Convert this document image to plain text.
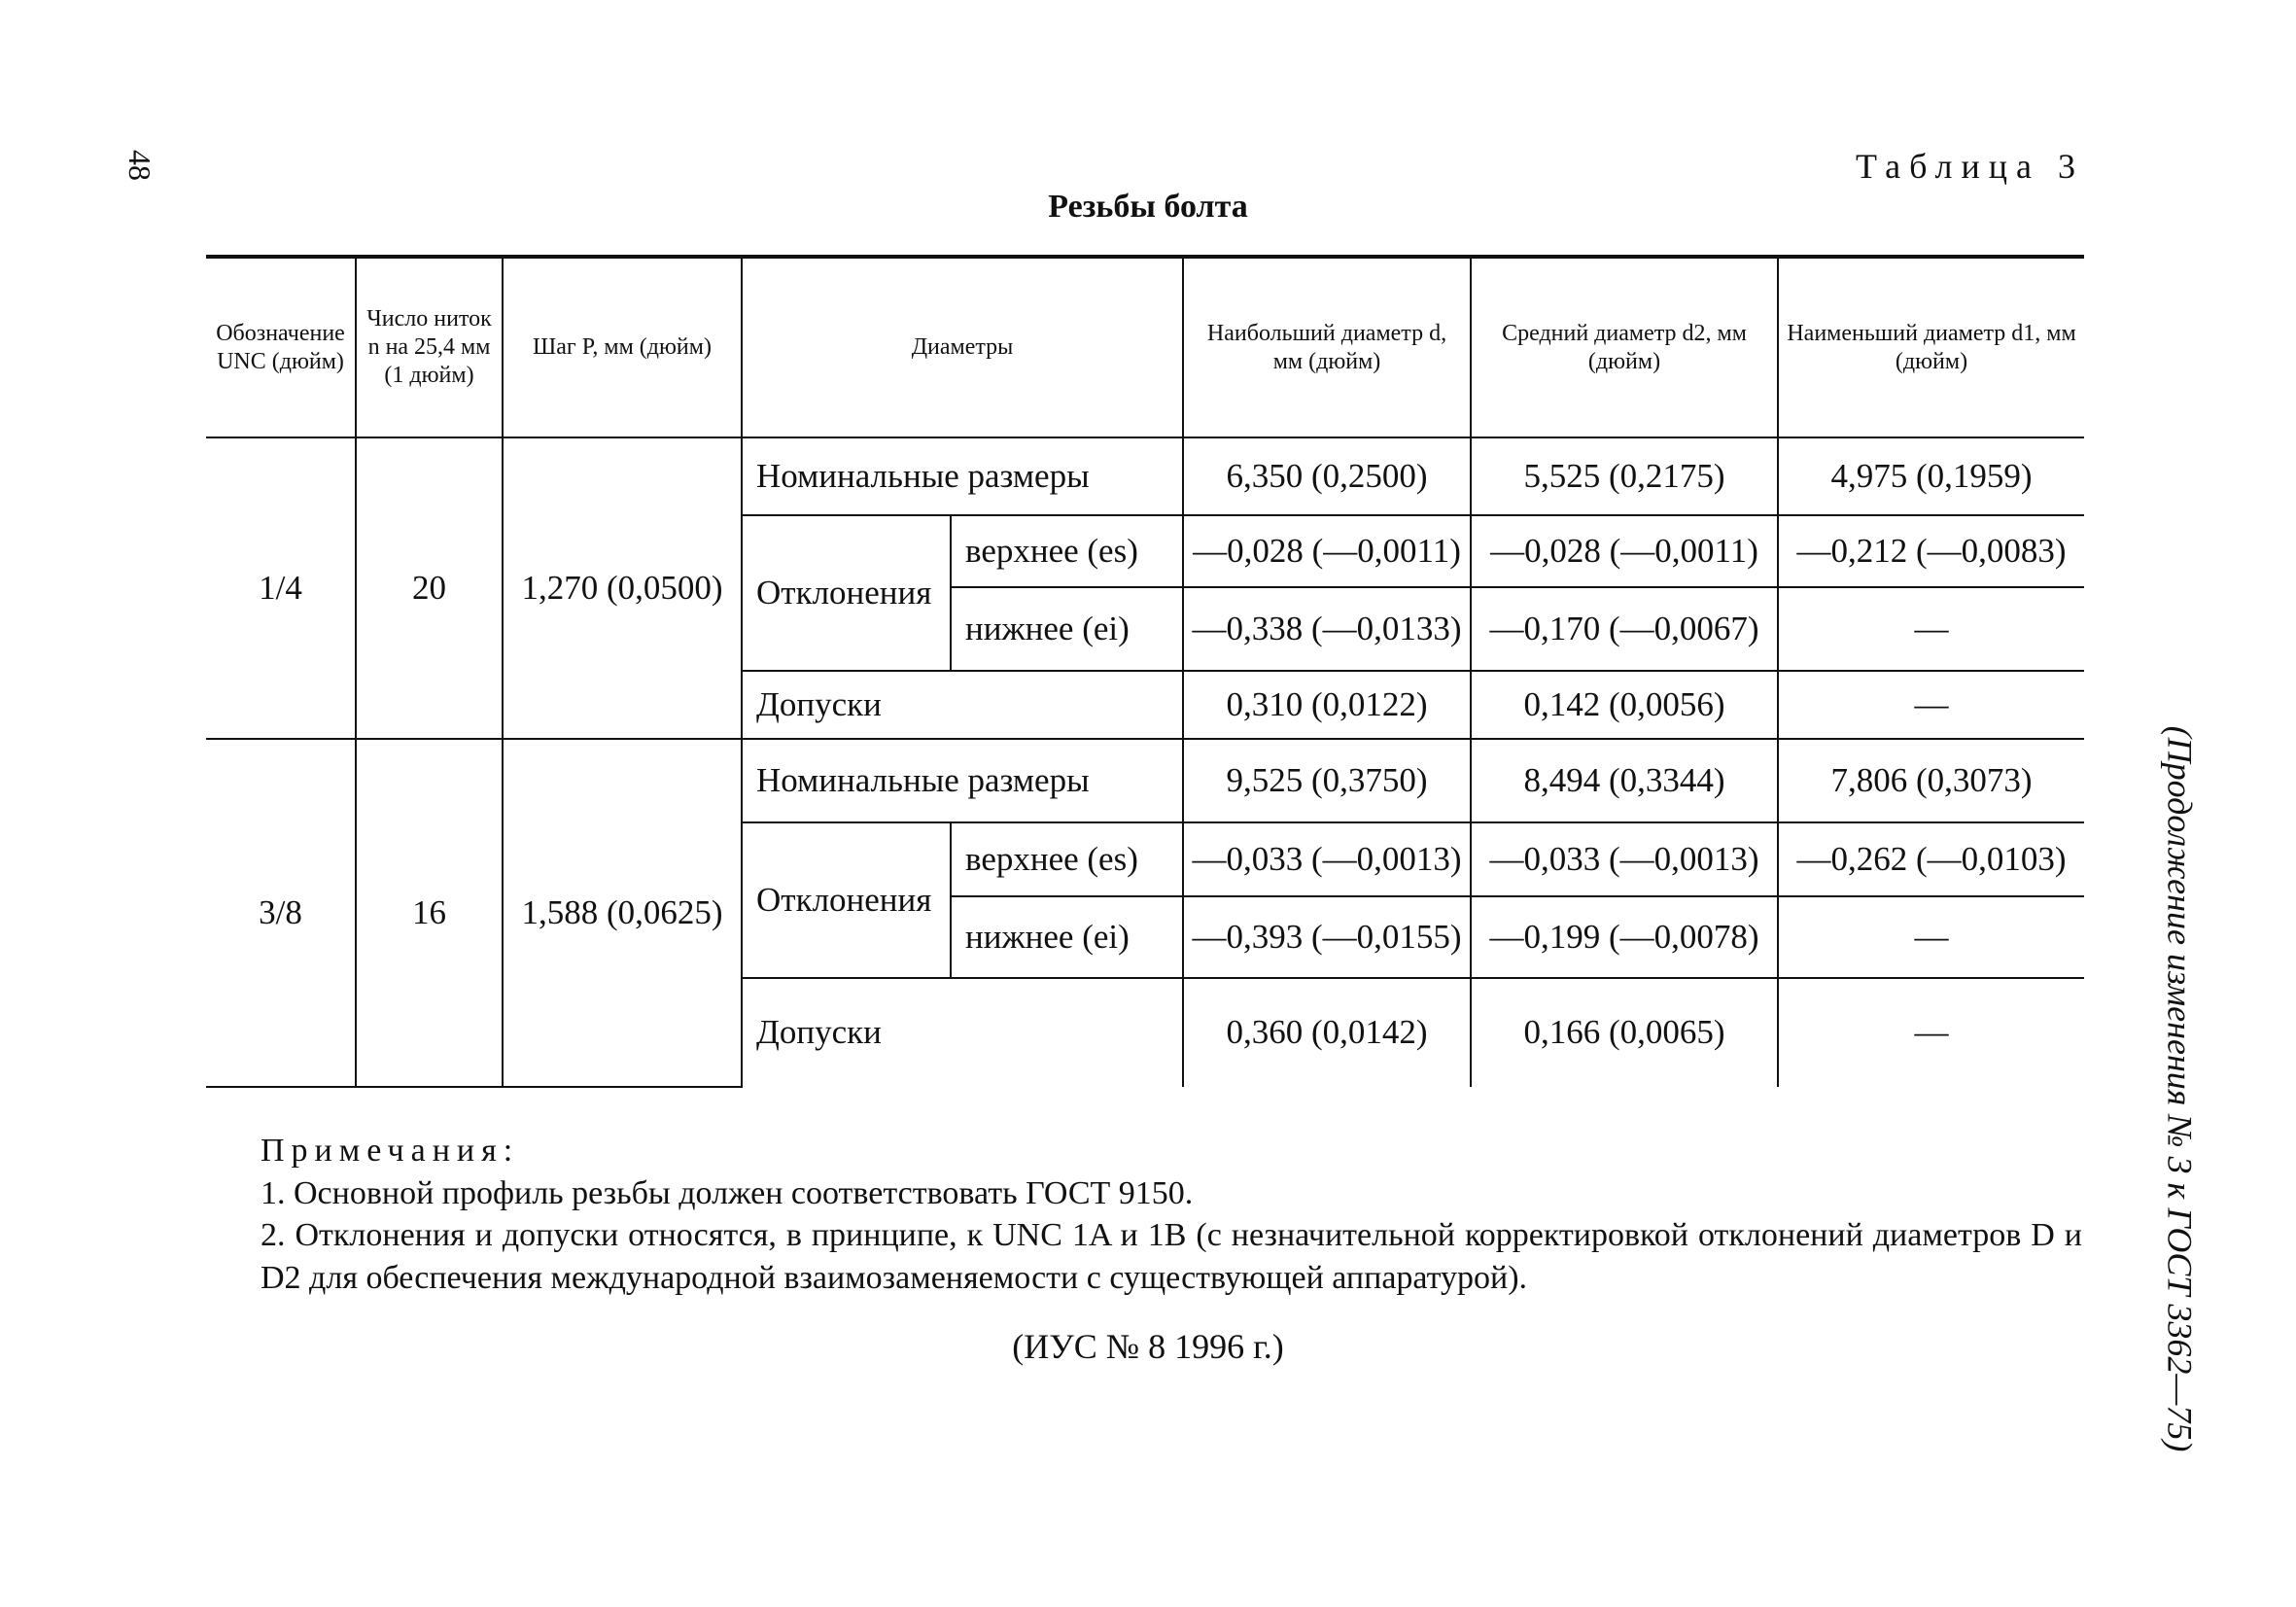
48	Таблица 3
Резьбы болта
(Продолжение изменения № 3 к ГОСТ 3362—75)
Обозначение UNC (дюйм)	Число ниток n на 25,4 мм (1 дюйм)	Шаг P, мм (дюйм)	Диаметры		Наибольший диаметр d, мм (дюйм)	Средний диаметр d2, мм (дюйм)	Наименьший диаметр d1, мм (дюйм)
1/4	20	1,270 (0,0500)	Номинальные размеры		6,350 (0,2500)	5,525 (0,2175)	4,975 (0,1959)
			Отклонения	верхнее (es)	—0,028 (—0,0011)	—0,028 (—0,0011)	—0,212 (—0,0083)
				нижнее (ei)	—0,338 (—0,0133)	—0,170 (—0,0067)	—
			Допуски		0,310 (0,0122)	0,142 (0,0056)	—
3/8	16	1,588 (0,0625)	Номинальные размеры		9,525 (0,3750)	8,494 (0,3344)	7,806 (0,3073)
			Отклонения	верхнее (es)	—0,033 (—0,0013)	—0,033 (—0,0013)	—0,262 (—0,0103)
				нижнее (ei)	—0,393 (—0,0155)	—0,199 (—0,0078)	—
			Допуски		0,360 (0,0142)	0,166 (0,0065)	—
Примечания:
1. Основной профиль резьбы должен соответствовать ГОСТ 9150.
2. Отклонения и допуски относятся, в принципе, к UNC 1A и 1B (с незначительной корректировкой отклонений диаметров D и D2 для обеспечения международной взаимозаменяемости с существующей аппаратурой).
(ИУС № 8 1996 г.)
